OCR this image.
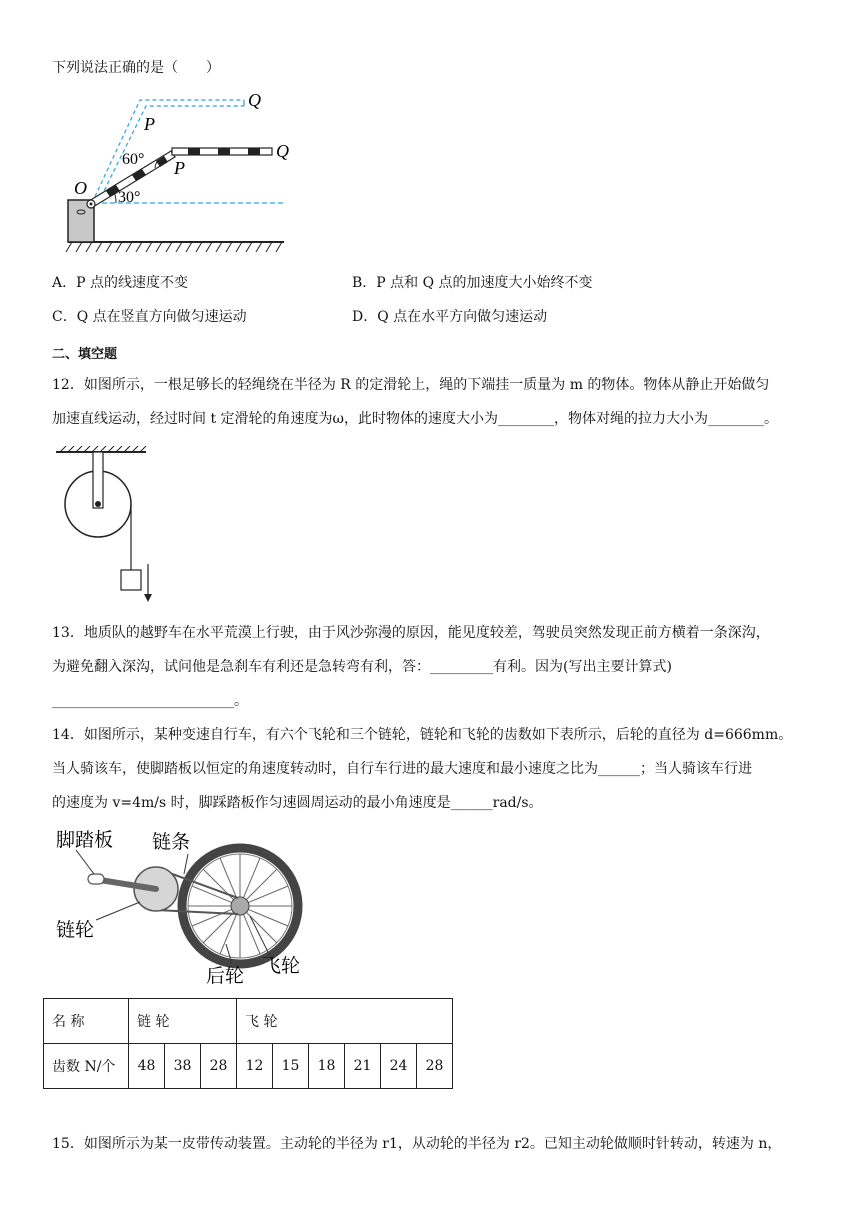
下列说法正确的是（　　）
Q
P
60° P
Q
O 30°
A．P 点的线速度不变	B．P 点和 Q 点的加速度大小始终不变
C．Q 点在竖直方向做匀速运动	D．Q 点在水平方向做匀速运动
二、填空题
12．如图所示，一根足够长的轻绳绕在半径为 R 的定滑轮上，绳的下端挂一质量为 m 的物体。物体从静止开始做匀
加速直线运动，经过时间 t 定滑轮的角速度为ω，此时物体的速度大小为________，物体对绳的拉力大小为________。
13．地质队的越野车在水平荒漠上行驶，由于风沙弥漫的原因，能见度较差，驾驶员突然发现正前方横着一条深沟，
为避免翻入深沟，试问他是急刹车有利还是急转弯有利，答：_________有利。因为(写出主要计算式)
__________________________。
14．如图所示，某种变速自行车，有六个飞轮和三个链轮，链轮和飞轮的齿数如下表所示，后轮的直径为 d=666mm。
当人骑该车，使脚踏板以恒定的角速度转动时，自行车行进的最大速度和最小速度之比为______；当人骑该车行进
的速度为 v=4m/s 时，脚踩踏板作匀速圆周运动的最小角速度是______rad/s。
脚踏板 链条
链轮
后轮 飞轮
名 称	链 轮			飞 轮					
齿数 N/个	48	38	28	12	15	18	21	24	28
15．如图所示为某一皮带传动装置。主动轮的半径为 r1，从动轮的半径为 r2。已知主动轮做顺时针转动，转速为 n，
